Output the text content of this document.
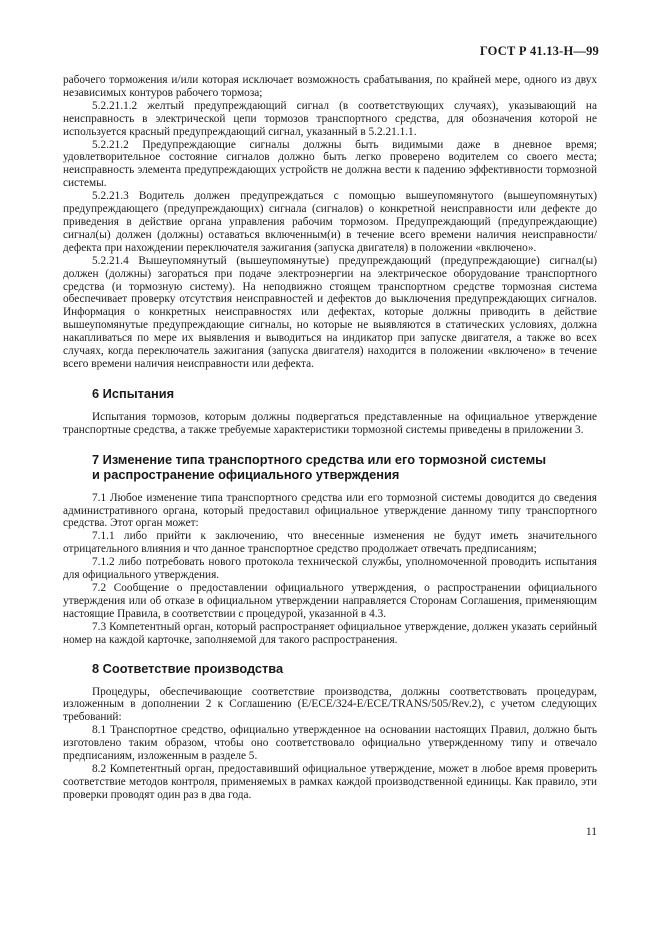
ГОСТ Р 41.13-Н—99

рабочего торможения и/или которая исключает возможность срабатывания, по крайней мере, одного из двух независимых контуров рабочего тормоза;

5.2.21.1.2 желтый предупреждающий сигнал (в соответствующих случаях), указывающий на неисправность в электрической цепи тормозов транспортного средства, для обозначения которой не используется красный предупреждающий сигнал, указанный в 5.2.21.1.1.

5.2.21.2 Предупреждающие сигналы должны быть видимыми даже в дневное время; удовлетворительное состояние сигналов должно быть легко проверено водителем со своего места; неисправность элемента предупреждающих устройств не должна вести к падению эффективности тормозной системы.

5.2.21.3 Водитель должен предупреждаться с помощью вышеупомянутого (вышеупомянутых) предупреждающего (предупреждающих) сигнала (сигналов) о конкретной неисправности или дефекте до приведения в действие органа управления рабочим тормозом. Предупреждающий (предупреждающие) сигнал(ы) должен (должны) оставаться включенным(и) в течение всего времени наличия неисправности/дефекта при нахождении переключателя зажигания (запуска двигателя) в положении «включено».

5.2.21.4 Вышеупомянутый (вышеупомянутые) предупреждающий (предупреждающие) сигнал(ы) должен (должны) загораться при подаче электроэнергии на электрическое оборудование транспортного средства (и тормозную систему). На неподвижно стоящем транспортном средстве тормозная система обеспечивает проверку отсутствия неисправностей и дефектов до выключения предупреждающих сигналов. Информация о конкретных неисправностях или дефектах, которые должны приводить в действие вышеупомянутые предупреждающие сигналы, но которые не выявляются в статических условиях, должна накапливаться по мере их выявления и выводиться на индикатор при запуске двигателя, а также во всех случаях, когда переключатель зажигания (запуска двигателя) находится в положении «включено» в течение всего времени наличия неисправности или дефекта.

6 Испытания

Испытания тормозов, которым должны подвергаться представленные на официальное утверждение транспортные средства, а также требуемые характеристики тормозной системы приведены в приложении 3.

7 Изменение типа транспортного средства или его тормозной системы
и распространение официального утверждения

7.1 Любое изменение типа транспортного средства или его тормозной системы доводится до сведения административного органа, который предоставил официальное утверждение данному типу транспортного средства. Этот орган может:

7.1.1 либо прийти к заключению, что внесенные изменения не будут иметь значительного отрицательного влияния и что данное транспортное средство продолжает отвечать предписаниям;

7.1.2 либо потребовать нового протокола технической службы, уполномоченной проводить испытания для официального утверждения.

7.2 Сообщение о предоставлении официального утверждения, о распространении официального утверждения или об отказе в официальном утверждении направляется Сторонам Соглашения, применяющим настоящие Правила, в соответствии с процедурой, указанной в 4.3.

7.3 Компетентный орган, который распространяет официальное утверждение, должен указать серийный номер на каждой карточке, заполняемой для такого распространения.

8 Соответствие производства

Процедуры, обеспечивающие соответствие производства, должны соответствовать процедурам, изложенным в дополнении 2 к Соглашению (E/ECE/324-E/ECE/TRANS/505/Rev.2), с учетом следующих требований:

8.1 Транспортное средство, официально утвержденное на основании настоящих Правил, должно быть изготовлено таким образом, чтобы оно соответствовало официально утвержденному типу и отвечало предписаниям, изложенным в разделе 5.

8.2 Компетентный орган, предоставивший официальное утверждение, может в любое время проверить соответствие методов контроля, применяемых в рамках каждой производственной единицы. Как правило, эти проверки проводят один раз в два года.

11
